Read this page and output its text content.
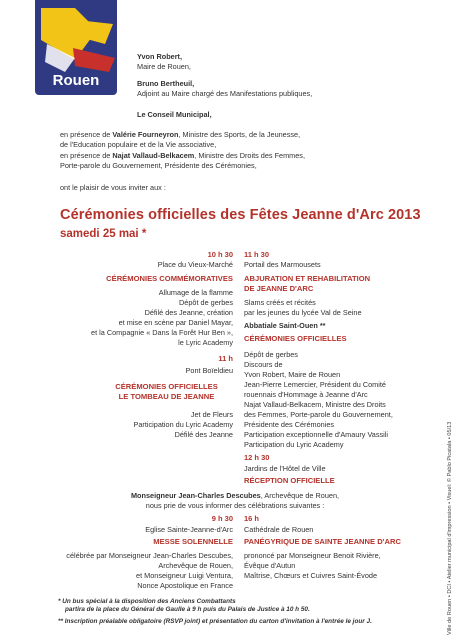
Rouen
Yvon Robert,
Maire de Rouen,
Bruno Bertheuil,
Adjoint au Maire chargé des Manifestations publiques,
Le Conseil Municipal,
en présence de Valérie Fourneyron, Ministre des Sports, de la Jeunesse,
de l'Education populaire et de la Vie associative,
en présence de Najat Vallaud-Belkacem, Ministre des Droits des Femmes,
Porte-parole du Gouvernement, Présidente des Cérémonies,
ont le plaisir de vous inviter aux :
Cérémonies officielles des Fêtes Jeanne d'Arc 2013
samedi 25 mai *
10 h 30
Place du Vieux-Marché
CÉRÉMONIES COMMÉMORATIVES
Allumage de la flamme
Dépôt de gerbes
Défilé des Jeanne, création
et mise en scène par Daniel Mayar,
et la Compagnie « Dans la Forêt Hur Ben »,
le Lyric Academy
11 h
Pont Boïeldieu
CÉRÉMONIES OFFICIELLES
LE TOMBEAU DE JEANNE
Jet de Fleurs
Participation du Lyric Academy
Défilé des Jeanne
11 h 30
Portail des Marmousets
ABJURATION ET REHABILITATION
DE JEANNE D'ARC
Slams créés et récités
par les jeunes du lycée Val de Seine
Abbatiale Saint-Ouen **
CÉRÉMONIES OFFICIELLES
Dépôt de gerbes
Discours de
Yvon Robert, Maire de Rouen
Jean-Pierre Lemercier, Président du Comité
rouennais d'Hommage à Jeanne d'Arc
Najat Vallaud-Belkacem, Ministre des Droits
des Femmes, Porte-parole du Gouvernement,
Présidente des Cérémonies
Participation exceptionnelle d'Amaury Vassili
Participation du Lyric Academy
12 h 30
Jardins de l'Hôtel de Ville
RÉCEPTION OFFICIELLE
Monseigneur Jean-Charles Descubes, Archevêque de Rouen,
nous prie de vous informer des célébrations suivantes :
9 h 30
Eglise Sainte-Jeanne-d'Arc
MESSE SOLENNELLE
célébrée par Monseigneur Jean-Charles Descubes,
Archevêque de Rouen,
et Monseigneur Luigi Ventura,
Nonce Apostolique en France
16 h
Cathédrale de Rouen
PANÉGYRIQUE DE SAINTE JEANNE D'ARC
prononcé par Monseigneur Benoit Rivière,
Évêque d'Autun
Maîtrise, Chœurs et Cuivres Saint-Évode
* Un bus spécial à la disposition des Anciens Combattants
partira de la place du Général de Gaulle à 9 h puis du Palais de Justice à 10 h 50.
** Inscription préalable obligatoire (RSVP joint) et présentation du carton d'invitation à l'entrée le jour J.	Ville de Rouen • DCI • Atelier municipal d'impression • Visuel: © Pablo Picatala • 05/13
